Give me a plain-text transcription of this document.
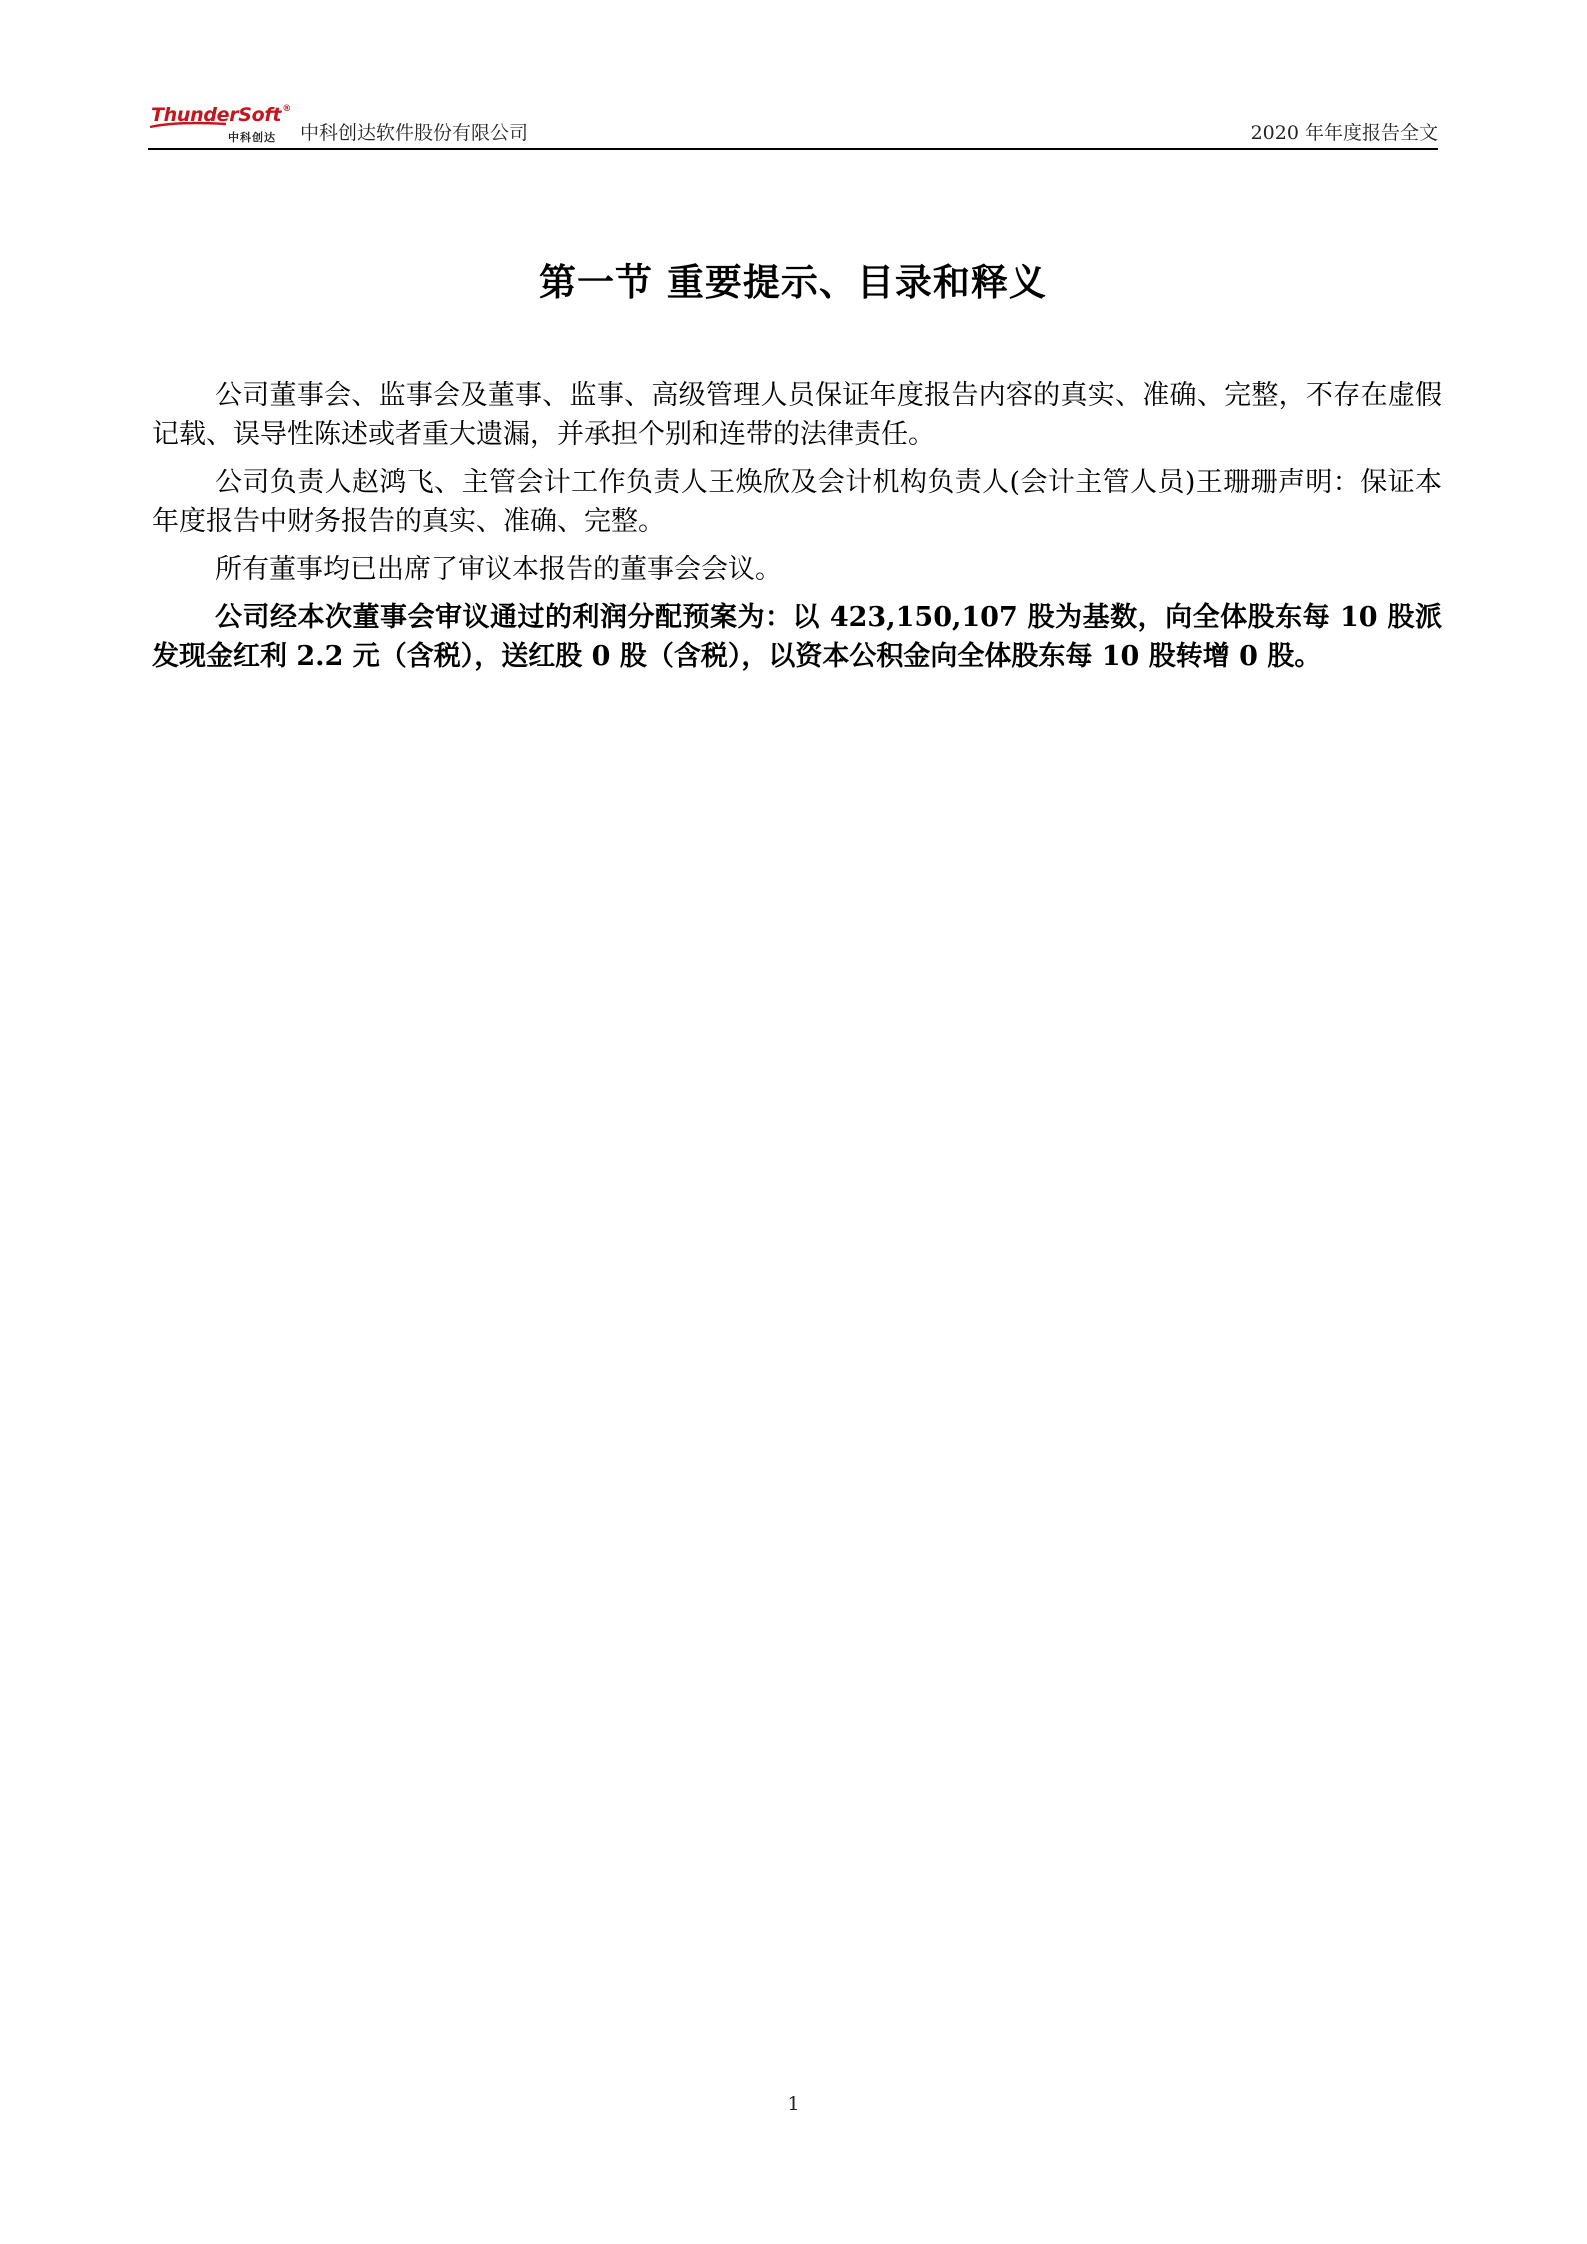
ThunderSoft®
中科创达 中科创达软件股份有限公司	2020 年年度报告全文
第一节 重要提示、目录和释义

公司董事会、监事会及董事、监事、高级管理人员保证年度报告内容的真实、准确、完整，不存在虚假记载、误导性陈述或者重大遗漏，并承担个别和连带的法律责任。

公司负责人赵鸿飞、主管会计工作负责人王焕欣及会计机构负责人(会计主管人员)王珊珊声明：保证本年度报告中财务报告的真实、准确、完整。

所有董事均已出席了审议本报告的董事会会议。

公司经本次董事会审议通过的利润分配预案为：以 423,150,107 股为基数，向全体股东每 10 股派发现金红利 2.2 元（含税），送红股 0 股（含税），以资本公积金向全体股东每 10 股转增 0 股。

1
